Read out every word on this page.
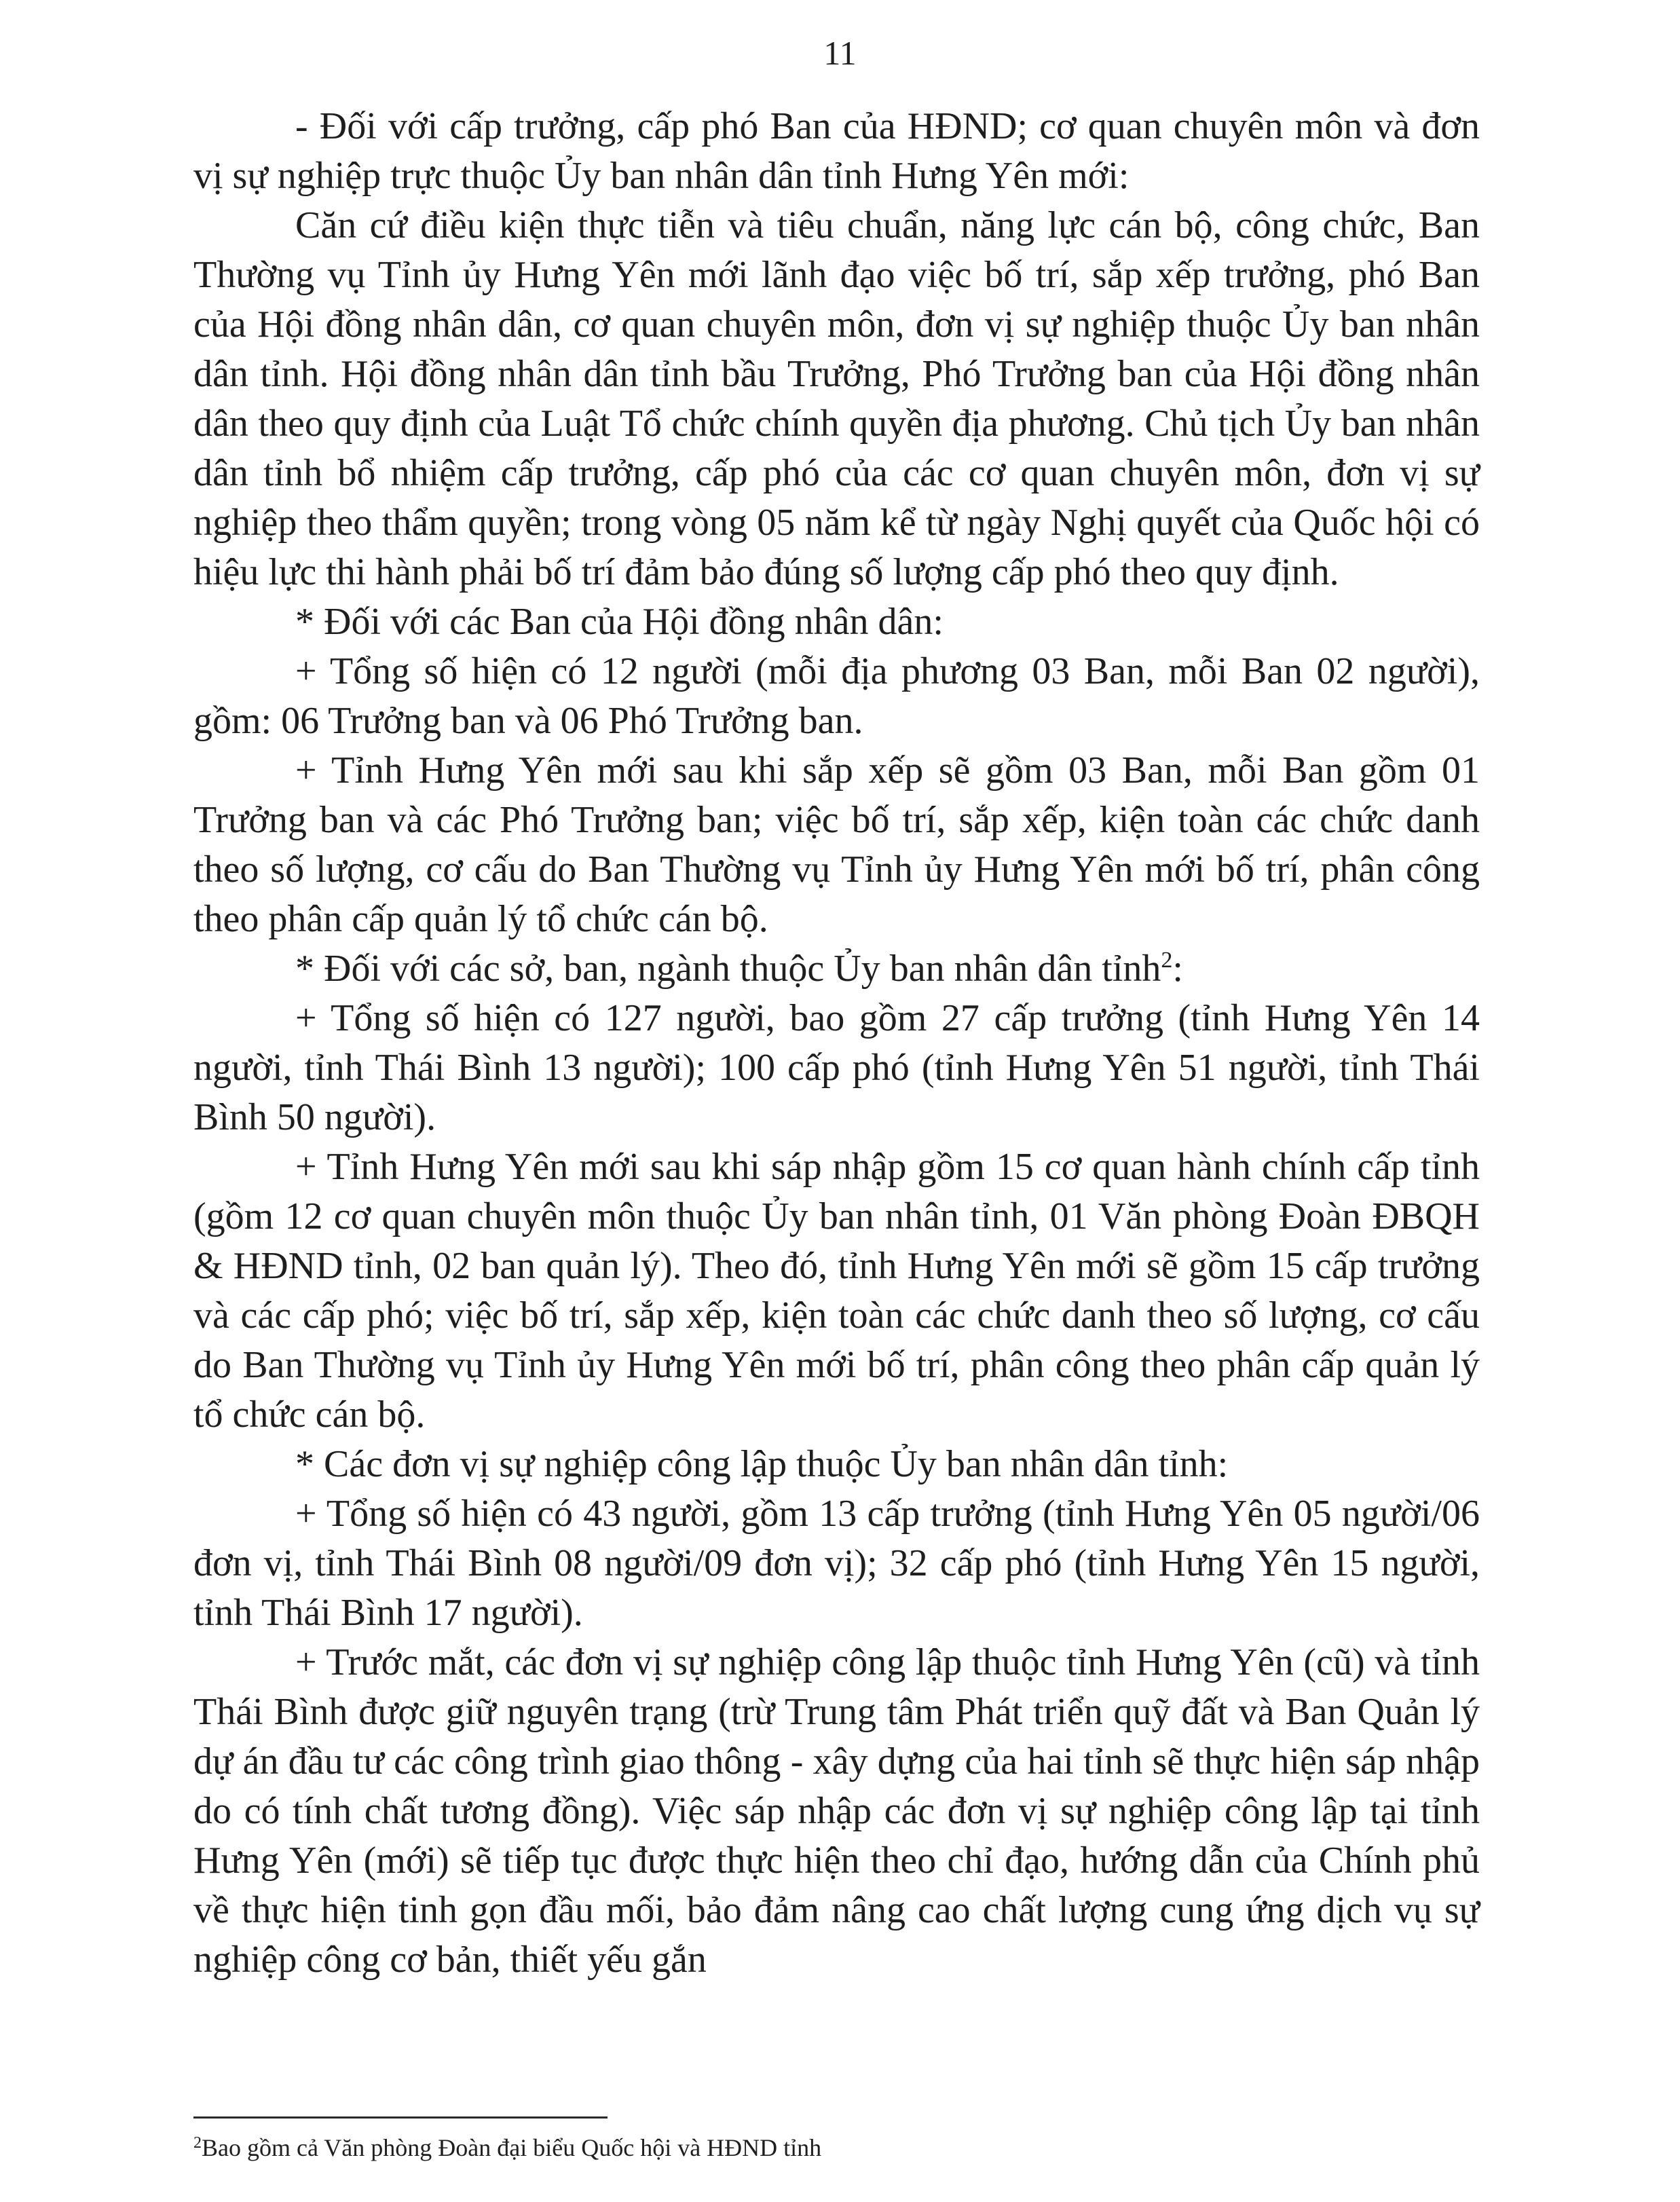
11

- Đối với cấp trưởng, cấp phó Ban của HĐND; cơ quan chuyên môn và đơn vị sự nghiệp trực thuộc Ủy ban nhân dân tỉnh Hưng Yên mới:

Căn cứ điều kiện thực tiễn và tiêu chuẩn, năng lực cán bộ, công chức, Ban Thường vụ Tỉnh ủy Hưng Yên mới lãnh đạo việc bố trí, sắp xếp trưởng, phó Ban của Hội đồng nhân dân, cơ quan chuyên môn, đơn vị sự nghiệp thuộc Ủy ban nhân dân tỉnh. Hội đồng nhân dân tỉnh bầu Trưởng, Phó Trưởng ban của Hội đồng nhân dân theo quy định của Luật Tổ chức chính quyền địa phương. Chủ tịch Ủy ban nhân dân tỉnh bổ nhiệm cấp trưởng, cấp phó của các cơ quan chuyên môn, đơn vị sự nghiệp theo thẩm quyền; trong vòng 05 năm kể từ ngày Nghị quyết của Quốc hội có hiệu lực thi hành phải bố trí đảm bảo đúng số lượng cấp phó theo quy định.

* Đối với các Ban của Hội đồng nhân dân:

+ Tổng số hiện có 12 người (mỗi địa phương 03 Ban, mỗi Ban 02 người), gồm: 06 Trưởng ban và 06 Phó Trưởng ban.

+ Tỉnh Hưng Yên mới sau khi sắp xếp sẽ gồm 03 Ban, mỗi Ban gồm 01 Trưởng ban và các Phó Trưởng ban; việc bố trí, sắp xếp, kiện toàn các chức danh theo số lượng, cơ cấu do Ban Thường vụ Tỉnh ủy Hưng Yên mới bố trí, phân công theo phân cấp quản lý tổ chức cán bộ.

* Đối với các sở, ban, ngành thuộc Ủy ban nhân dân tỉnh$^2$:

+ Tổng số hiện có 127 người, bao gồm 27 cấp trưởng (tỉnh Hưng Yên 14 người, tỉnh Thái Bình 13 người); 100 cấp phó (tỉnh Hưng Yên 51 người, tỉnh Thái Bình 50 người).

+ Tỉnh Hưng Yên mới sau khi sáp nhập gồm 15 cơ quan hành chính cấp tỉnh (gồm 12 cơ quan chuyên môn thuộc Ủy ban nhân tỉnh, 01 Văn phòng Đoàn ĐBQH & HĐND tỉnh, 02 ban quản lý). Theo đó, tỉnh Hưng Yên mới sẽ gồm 15 cấp trưởng và các cấp phó; việc bố trí, sắp xếp, kiện toàn các chức danh theo số lượng, cơ cấu do Ban Thường vụ Tỉnh ủy Hưng Yên mới bố trí, phân công theo phân cấp quản lý tổ chức cán bộ.

* Các đơn vị sự nghiệp công lập thuộc Ủy ban nhân dân tỉnh:

+ Tổng số hiện có 43 người, gồm 13 cấp trưởng (tỉnh Hưng Yên 05 người/06 đơn vị, tỉnh Thái Bình 08 người/09 đơn vị); 32 cấp phó (tỉnh Hưng Yên 15 người, tỉnh Thái Bình 17 người).

+ Trước mắt, các đơn vị sự nghiệp công lập thuộc tỉnh Hưng Yên (cũ) và tỉnh Thái Bình được giữ nguyên trạng (trừ Trung tâm Phát triển quỹ đất và Ban Quản lý dự án đầu tư các công trình giao thông - xây dựng của hai tỉnh sẽ thực hiện sáp nhập do có tính chất tương đồng). Việc sáp nhập các đơn vị sự nghiệp công lập tại tỉnh Hưng Yên (mới) sẽ tiếp tục được thực hiện theo chỉ đạo, hướng dẫn của Chính phủ về thực hiện tinh gọn đầu mối, bảo đảm nâng cao chất lượng cung ứng dịch vụ sự nghiệp công cơ bản, thiết yếu gắn

$^2$Bao gồm cả Văn phòng Đoàn đại biểu Quốc hội và HĐND tỉnh
